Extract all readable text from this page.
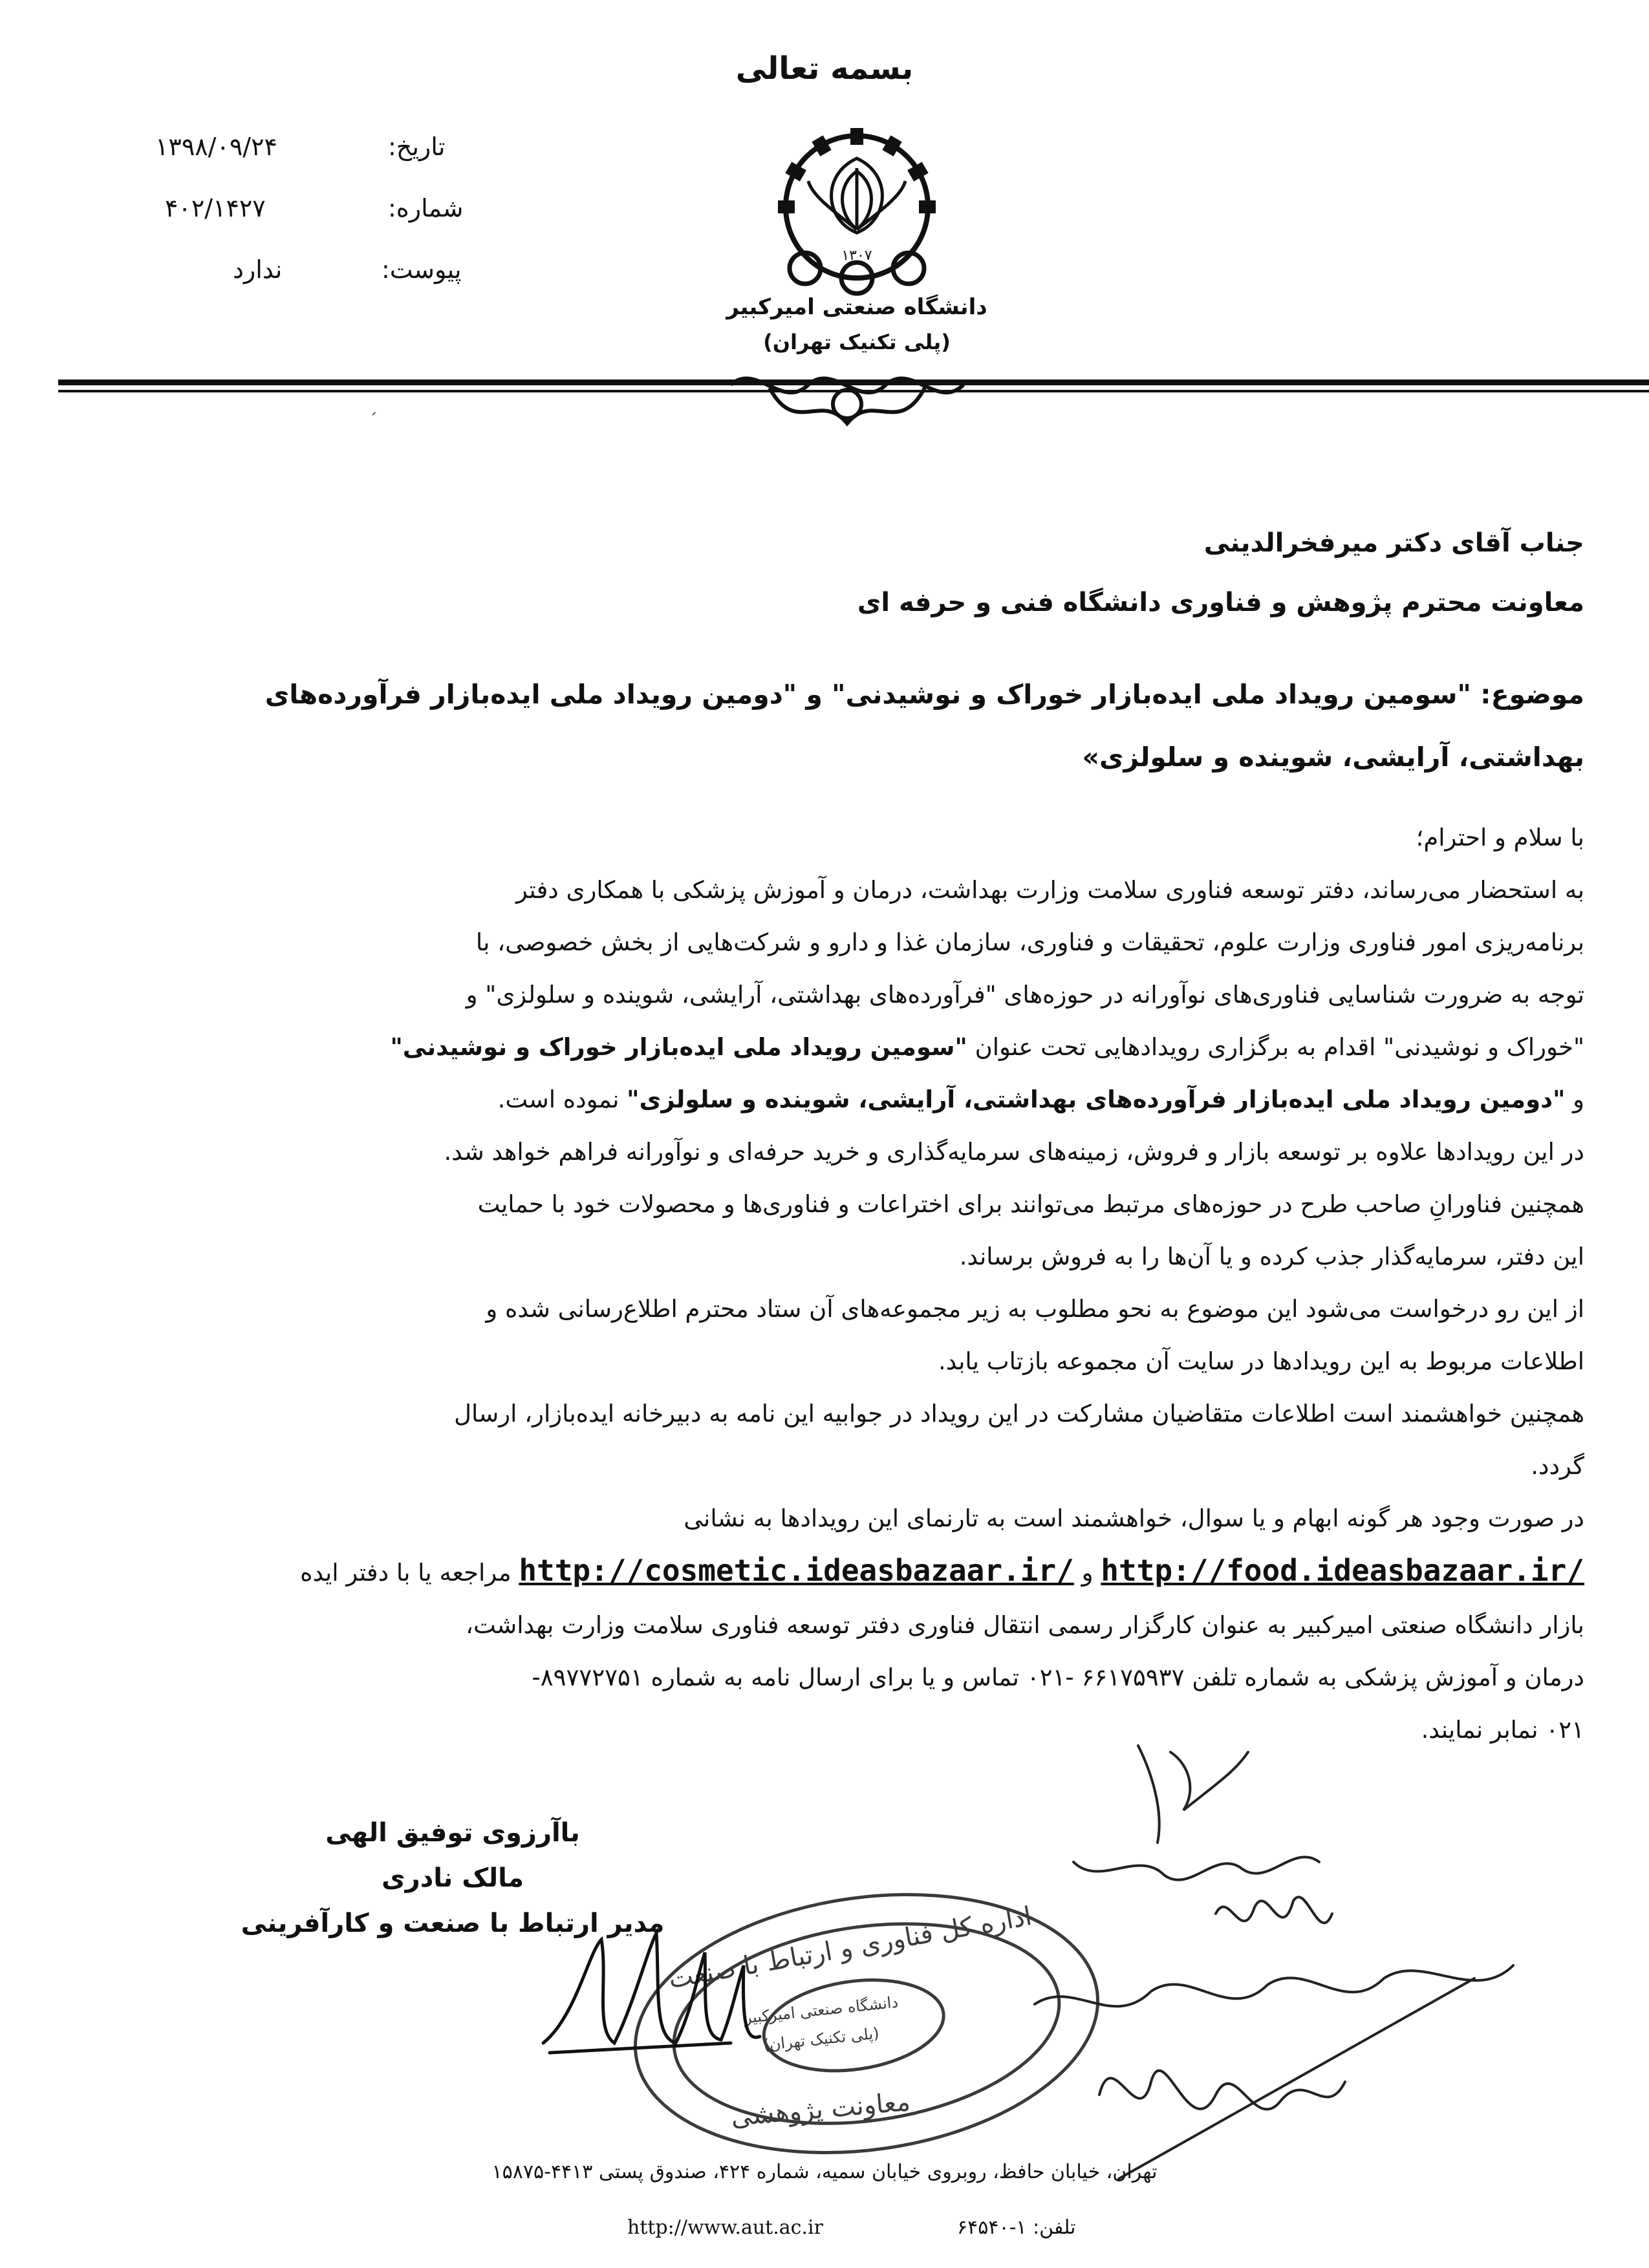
بسمه تعالی
تاریخ:
۱۳۹۸/۰۹/۲۴
شماره:
۴۰۲/۱۴۲۷
پیوست:
ندارد	۱۳۰۷
دانشگاه صنعتی امیرکبیر
(پلی تکنیک تهران)
ˏ
جناب آقای دکتر میرفخرالدینی
معاونت محترم پژوهش و فناوری دانشگاه فنی و حرفه ای
موضوع: "سومین رویداد ملی ایده‌بازار خوراک و نوشیدنی" و "دومین رویداد ملی ایده‌بازار فرآورده‌های
بهداشتی، آرایشی، شوینده و سلولزی»
با سلام و احترام؛
به استحضار می‌رساند، دفتر توسعه فناوری سلامت وزارت بهداشت، درمان و آموزش پزشکی با همکاری دفتر
برنامه‌ریزی امور فناوری وزارت علوم، تحقیقات و فناوری، سازمان غذا و دارو و شرکت‌هایی از بخش خصوصی، با
توجه به ضرورت شناسایی فناوری‌های نوآورانه در حوزه‌های "فرآورده‌های بهداشتی، آرایشی، شوینده و سلولزی" و
"خوراک و نوشیدنی" اقدام به برگزاری رویدادهایی تحت عنوان "سومین رویداد ملی ایده‌بازار خوراک و نوشیدنی"
و "دومین رویداد ملی ایده‌بازار فرآورده‌های بهداشتی، آرایشی، شوینده و سلولزی" نموده است.
در این رویدادها علاوه بر توسعه بازار و فروش، زمینه‌های سرمایه‌گذاری و خرید حرفه‌ای و نوآورانه فراهم خواهد شد.
همچنین فناورانِ صاحب طرح در حوزه‌های مرتبط می‌توانند برای اختراعات و فناوری‌ها و محصولات خود با حمایت
این دفتر، سرمایه‌گذار جذب کرده و یا آن‌ها را به فروش برساند.
از این رو درخواست می‌شود این موضوع به نحو مطلوب به زیر مجموعه‌های آن ستاد محترم اطلاع‌رسانی شده و
اطلاعات مربوط به این رویدادها در سایت آن مجموعه بازتاب یابد.
همچنین خواهشمند است اطلاعات متقاضیان مشارکت در این رویداد در جوابیه این نامه به دبیرخانه ایده‌بازار، ارسال
گردد.
در صورت وجود هر گونه ابهام و یا سوال، خواهشمند است به تارنمای این رویدادها به نشانی
http://food.ideasbazaar.ir/ و http://cosmetic.ideasbazaar.ir/ مراجعه یا با دفتر ایده
بازار دانشگاه صنعتی امیرکبیر به عنوان کارگزار رسمی انتقال فناوری دفتر توسعه فناوری سلامت وزارت بهداشت،
درمان و آموزش پزشکی به شماره تلفن ۶۶۱۷۵۹۳۷ -۰۲۱ تماس و یا برای ارسال نامه به شماره ۸۹۷۷۲۷۵۱-
۰۲۱ نمابر نمایند.
باآرزوی توفیق الهی
مالک نادری
مدیر ارتباط با صنعت و کارآفرینی اداره کل فناوری و ارتباط با صنعت
دانشگاه صنعتی امیرکبیر
(پلی تکنیک تهران)
معاونت پژوهشی
تهران، خیابان حافظ، روبروی خیابان سمیه، شماره ۴۲۴، صندوق پستی ۴۴۱۳-۱۵۸۷۵
http://www.aut.ac.ir	تلفن: ۱-۶۴۵۴۰
